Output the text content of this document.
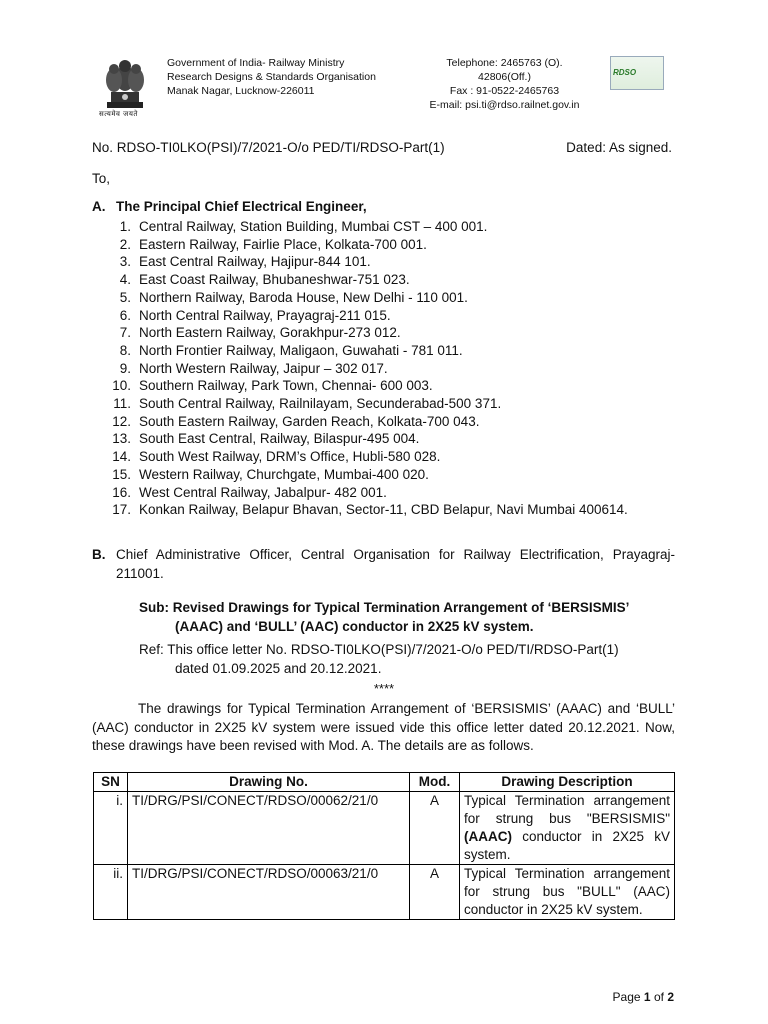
सत्यमेव जयते
Government of India- Railway Ministry
Research Designs & Standards Organisation
Manak Nagar, Lucknow-226011
Telephone: 2465763 (O).
42806(Off.)
Fax : 91-0522-2465763
E-mail: psi.ti@rdso.railnet.gov.in
RDSO
No. RDSO-TI0LKO(PSI)/7/2021-O/o PED/TI/RDSO-Part(1)	Dated: As signed.
To,
A. The Principal Chief Electrical Engineer,
1. Central Railway, Station Building, Mumbai CST – 400 001.
2. Eastern Railway, Fairlie Place, Kolkata-700 001.
3. East Central Railway, Hajipur-844 101.
4. East Coast Railway, Bhubaneshwar-751 023.
5. Northern Railway, Baroda House, New Delhi - 110 001.
6. North Central Railway, Prayagraj-211 015.
7. North Eastern Railway, Gorakhpur-273 012.
8. North Frontier Railway, Maligaon, Guwahati - 781 011.
9. North Western Railway, Jaipur – 302 017.
10. Southern Railway, Park Town, Chennai- 600 003.
11. South Central Railway, Railnilayam, Secunderabad-500 371.
12. South Eastern Railway, Garden Reach, Kolkata-700 043.
13. South East Central, Railway, Bilaspur-495 004.
14. South West Railway, DRM’s Office, Hubli-580 028.
15. Western Railway, Churchgate, Mumbai-400 020.
16. West Central Railway, Jabalpur- 482 001.
17. Konkan Railway, Belapur Bhavan, Sector-11, CBD Belapur, Navi Mumbai 400614.
B. Chief Administrative Officer, Central Organisation for Railway Electrification, Prayagraj-211001.
Sub: Revised Drawings for Typical Termination Arrangement of ‘BERSISMIS’
(AAAC) and ‘BULL’ (AAC) conductor in 2X25 kV system.
Ref: This office letter No. RDSO-TI0LKO(PSI)/7/2021-O/o PED/TI/RDSO-Part(1)
dated 01.09.2025 and 20.12.2021.
****
The drawings for Typical Termination Arrangement of ‘BERSISMIS’ (AAAC) and ‘BULL’ (AAC) conductor in 2X25 kV system were issued vide this office letter dated 20.12.2021. Now, these drawings have been revised with Mod. A. The details are as follows.
SN	Drawing No.	Mod.	Drawing Description
i.	TI/DRG/PSI/CONECT/RDSO/00062/21/0	A	Typical Termination arrangement for strung bus "BERSISMIS" (AAAC) conductor in 2X25 kV system.
ii.	TI/DRG/PSI/CONECT/RDSO/00063/21/0	A	Typical Termination arrangement for strung bus "BULL" (AAC) conductor in 2X25 kV system.
Page 1 of 2
